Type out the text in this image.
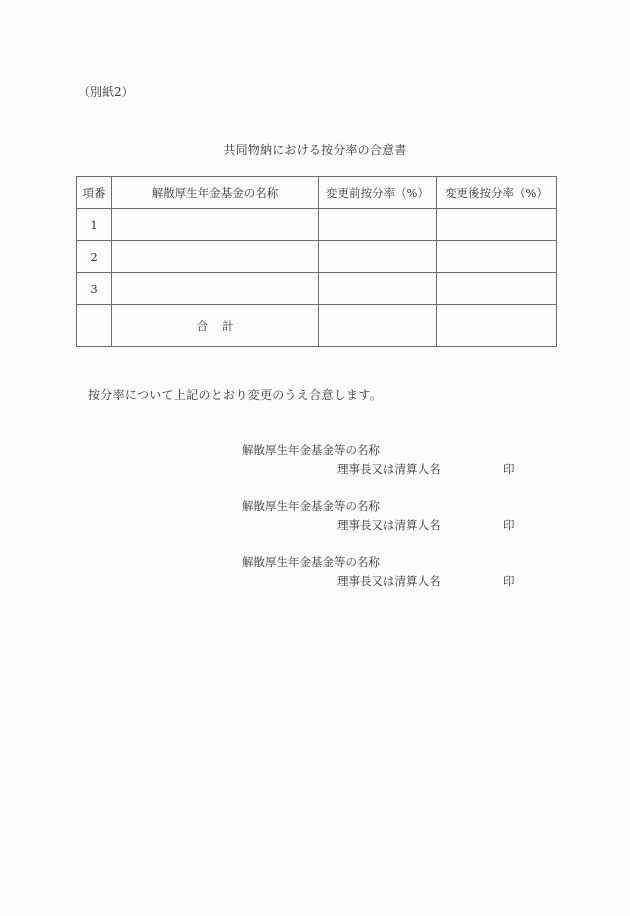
（別紙2）
共同物納における按分率の合意書
項番	解散厚生年金基金の名称	変更前按分率（%）	変更後按分率（%）
1			
2			
3			
	合計		
按分率について上記のとおり変更のうえ合意します。
解散厚生年金基金等の名称
理事長又は清算人名	印
解散厚生年金基金等の名称
理事長又は清算人名	印
解散厚生年金基金等の名称
理事長又は清算人名	印
